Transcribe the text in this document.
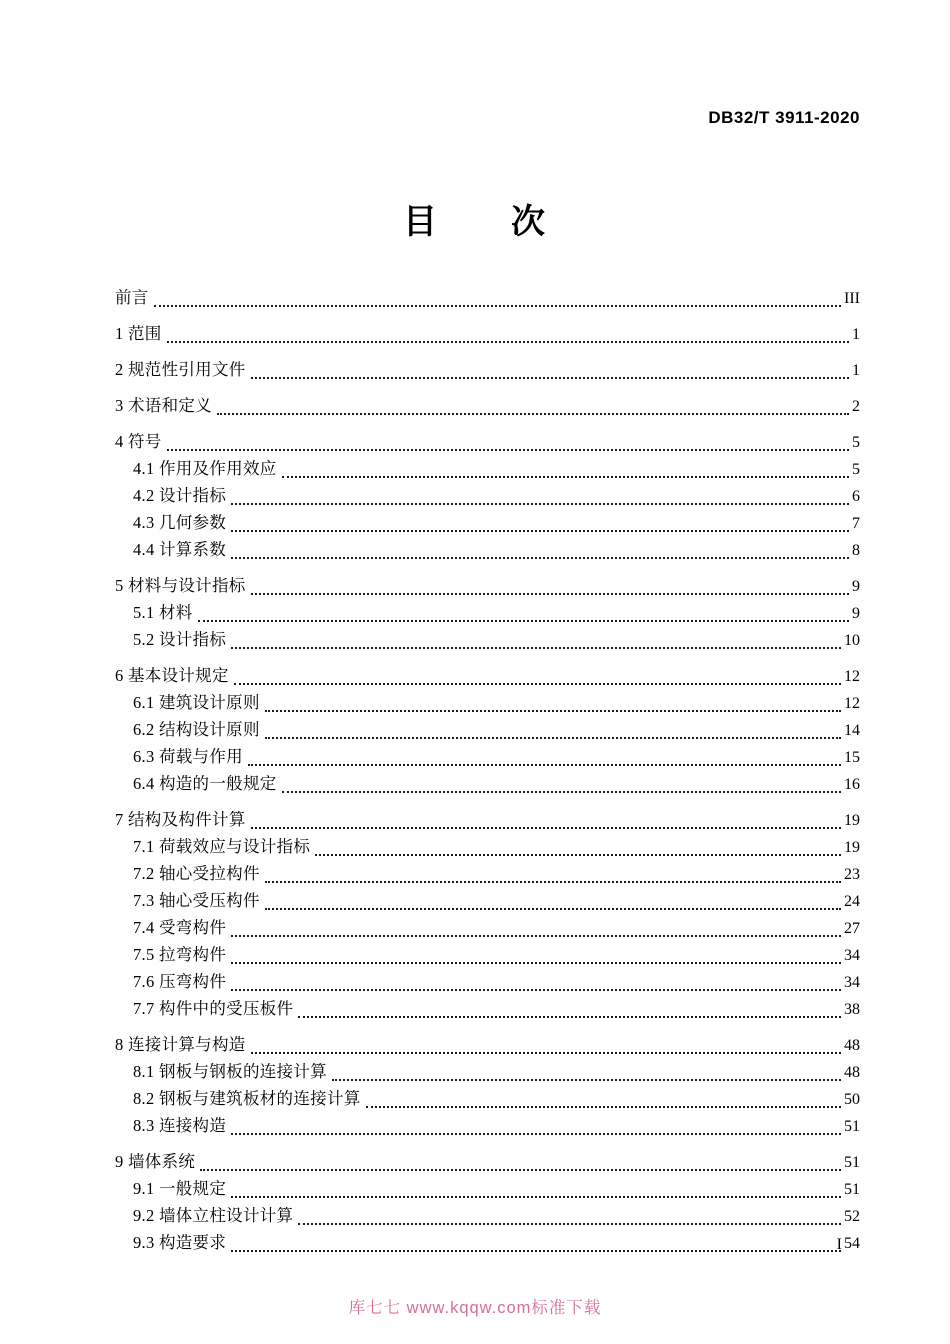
DB32/T 3911-2020
目　　次
前言	III
1 范围	1
2 规范性引用文件	1
3 术语和定义	2
4 符号	5
4.1 作用及作用效应	5
4.2 设计指标	6
4.3 几何参数	7
4.4 计算系数	8
5 材料与设计指标	9
5.1 材料	9
5.2 设计指标	10
6 基本设计规定	12
6.1 建筑设计原则	12
6.2 结构设计原则	14
6.3 荷载与作用	15
6.4 构造的一般规定	16
7 结构及构件计算	19
7.1 荷载效应与设计指标	19
7.2 轴心受拉构件	23
7.3 轴心受压构件	24
7.4 受弯构件	27
7.5 拉弯构件	34
7.6 压弯构件	34
7.7 构件中的受压板件	38
8 连接计算与构造	48
8.1 钢板与钢板的连接计算	48
8.2 钢板与建筑板材的连接计算	50
8.3 连接构造	51
9 墙体系统	51
9.1 一般规定	51
9.2 墙体立柱设计计算	52
9.3 构造要求	54
I
库七七 www.kqqw.com标准下载
